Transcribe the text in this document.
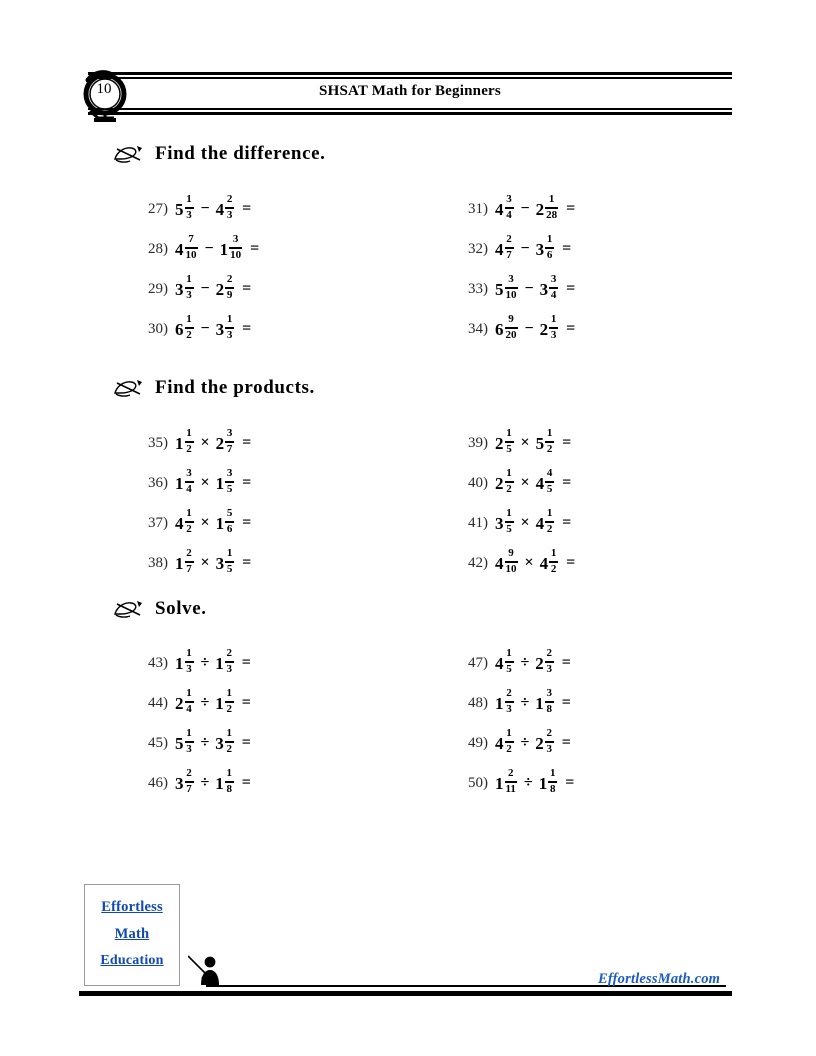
SHSAT Math for Beginners
10
Find the difference.
27) $5 \frac{1}{3} - 4 \frac{2}{3}$ =
28) $4 \frac{7}{10} - 1 \frac{3}{10}$ =
29) $3 \frac{1}{3} - 2 \frac{2}{9}$ =
30) $6 \frac{1}{2} - 3 \frac{1}{3}$ =
31) $4 \frac{3}{4} - 2 \frac{1}{28}$ =
32) $4 \frac{2}{7} - 3 \frac{1}{6}$ =
33) $5 \frac{3}{10} - 3 \frac{3}{4}$ =
34) $6 \frac{9}{20} - 2 \frac{1}{3}$ =
Find the products.
35) $1 \frac{1}{2} \times 2 \frac{3}{7}$ =
36) $1 \frac{3}{4} \times 1 \frac{3}{5}$ =
37) $4 \frac{1}{2} \times 1 \frac{5}{6}$ =
38) $1 \frac{2}{7} \times 3 \frac{1}{5}$ =
39) $2 \frac{1}{5} \times 5 \frac{1}{2}$ =
40) $2 \frac{1}{2} \times 4 \frac{4}{5}$ =
41) $3 \frac{1}{5} \times 4 \frac{1}{2}$ =
42) $4 \frac{9}{10} \times 4 \frac{1}{2}$ =
Solve.
43) $1 \frac{1}{3} \div 1 \frac{2}{3}$ =
44) $2 \frac{1}{4} \div 1 \frac{1}{2}$ =
45) $5 \frac{1}{3} \div 3 \frac{1}{2}$ =
46) $3 \frac{2}{7} \div 1 \frac{1}{8}$ =
47) $4 \frac{1}{5} \div 2 \frac{2}{3}$ =
48) $1 \frac{2}{3} \div 1 \frac{3}{8}$ =
49) $4 \frac{1}{2} \div 2 \frac{2}{3}$ =
50) $1 \frac{2}{11} \div 1 \frac{1}{8}$ =
Effortless
Math
Education
EffortlessMath.com
